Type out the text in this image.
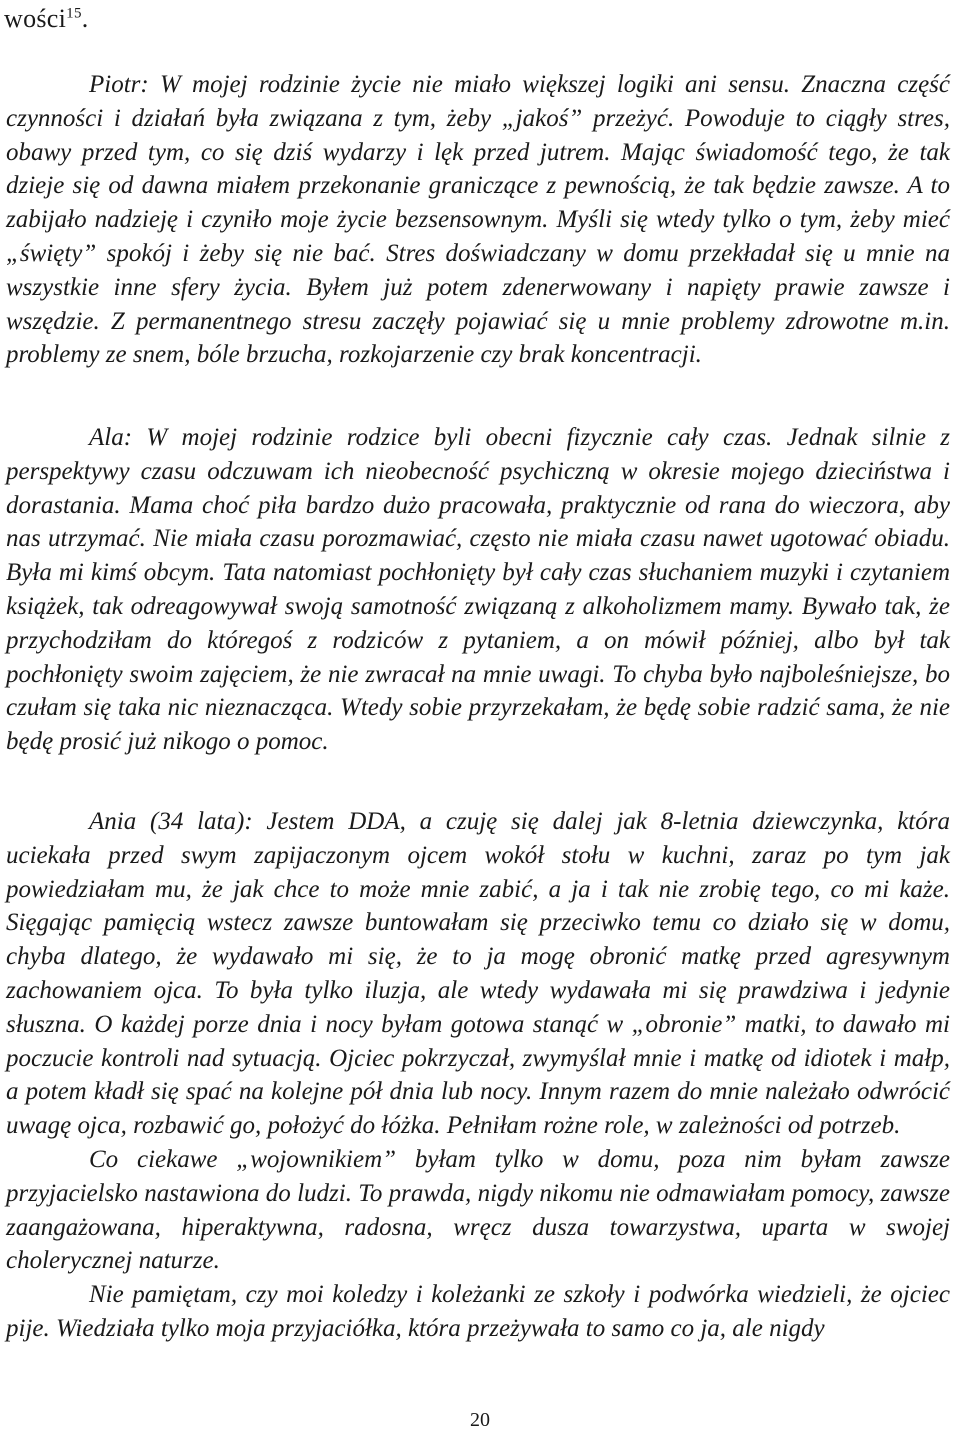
wości$^{15}$.

Piotr: W mojej rodzinie życie nie miało większej logiki ani sensu. Znaczna część czynności i działań była związana z tym, żeby „jakoś” przeżyć. Powoduje to ciągły stres, obawy przed tym, co się dziś wydarzy i lęk przed jutrem. Mając świadomość tego, że tak dzieje się od dawna miałem przekonanie graniczące z pewnością, że tak będzie zawsze. A to zabijało nadzieję i czyniło moje życie bezsensownym. Myśli się wtedy tylko o tym, żeby mieć „święty” spokój i żeby się nie bać. Stres doświadczany w domu przekładał się u mnie na wszystkie inne sfery życia. Byłem już potem zdenerwowany i napięty prawie zawsze i wszędzie. Z permanentnego stresu zaczęły pojawiać się u mnie problemy zdrowotne m.in. problemy ze snem, bóle brzucha, rozkojarzenie czy brak koncentracji.

Ala: W mojej rodzinie rodzice byli obecni fizycznie cały czas. Jednak silnie z perspektywy czasu odczuwam ich nieobecność psychiczną w okresie mojego dzieciństwa i dorastania. Mama choć piła bardzo dużo pracowała, praktycznie od rana do wieczora, aby nas utrzymać. Nie miała czasu porozmawiać, często nie miała czasu nawet ugotować obiadu. Była mi kimś obcym. Tata natomiast pochłonięty był cały czas słuchaniem muzyki i czytaniem książek, tak odreagowywał swoją samotność związaną z alkoholizmem mamy. Bywało tak, że przychodziłam do któregoś z rodziców z pytaniem, a on mówił później, albo był tak pochłonięty swoim zajęciem, że nie zwracał na mnie uwagi. To chyba było najboleśniejsze, bo czułam się taka nic nieznacząca. Wtedy sobie przyrzekałam, że będę sobie radzić sama, że nie będę prosić już nikogo o pomoc.

Ania (34 lata): Jestem DDA, a czuję się dalej jak 8-letnia dziewczynka, która uciekała przed swym zapijaczonym ojcem wokół stołu w kuchni, zaraz po tym jak powiedziałam mu, że jak chce to może mnie zabić, a ja i tak nie zrobię tego, co mi każe. Sięgając pamięcią wstecz zawsze buntowałam się przeciwko temu co działo się w domu, chyba dlatego, że wydawało mi się, że to ja mogę obronić matkę przed agresywnym zachowaniem ojca. To była tylko iluzja, ale wtedy wydawała mi się prawdziwa i jedynie słuszna. O każdej porze dnia i nocy byłam gotowa stanąć w „obronie” matki, to dawało mi poczucie kontroli nad sytuacją. Ojciec pokrzyczał, zwymyślał mnie i matkę od idiotek i małp, a potem kładł się spać na kolejne pół dnia lub nocy. Innym razem do mnie należało odwrócić uwagę ojca, rozbawić go, położyć do łóżka. Pełniłam rożne role, w zależności od potrzeb.

Co ciekawe „wojownikiem” byłam tylko w domu, poza nim byłam zawsze przyjacielsko nastawiona do ludzi. To prawda, nigdy nikomu nie odmawiałam pomocy, zawsze zaangażowana, hiperaktywna, radosna, wręcz dusza towarzystwa, uparta w swojej cholerycznej naturze.

Nie pamiętam, czy moi koledzy i koleżanki ze szkoły i podwórka wiedzieli, że ojciec pije. Wiedziała tylko moja przyjaciółka, która przeżywała to samo co ja, ale nigdy

20
